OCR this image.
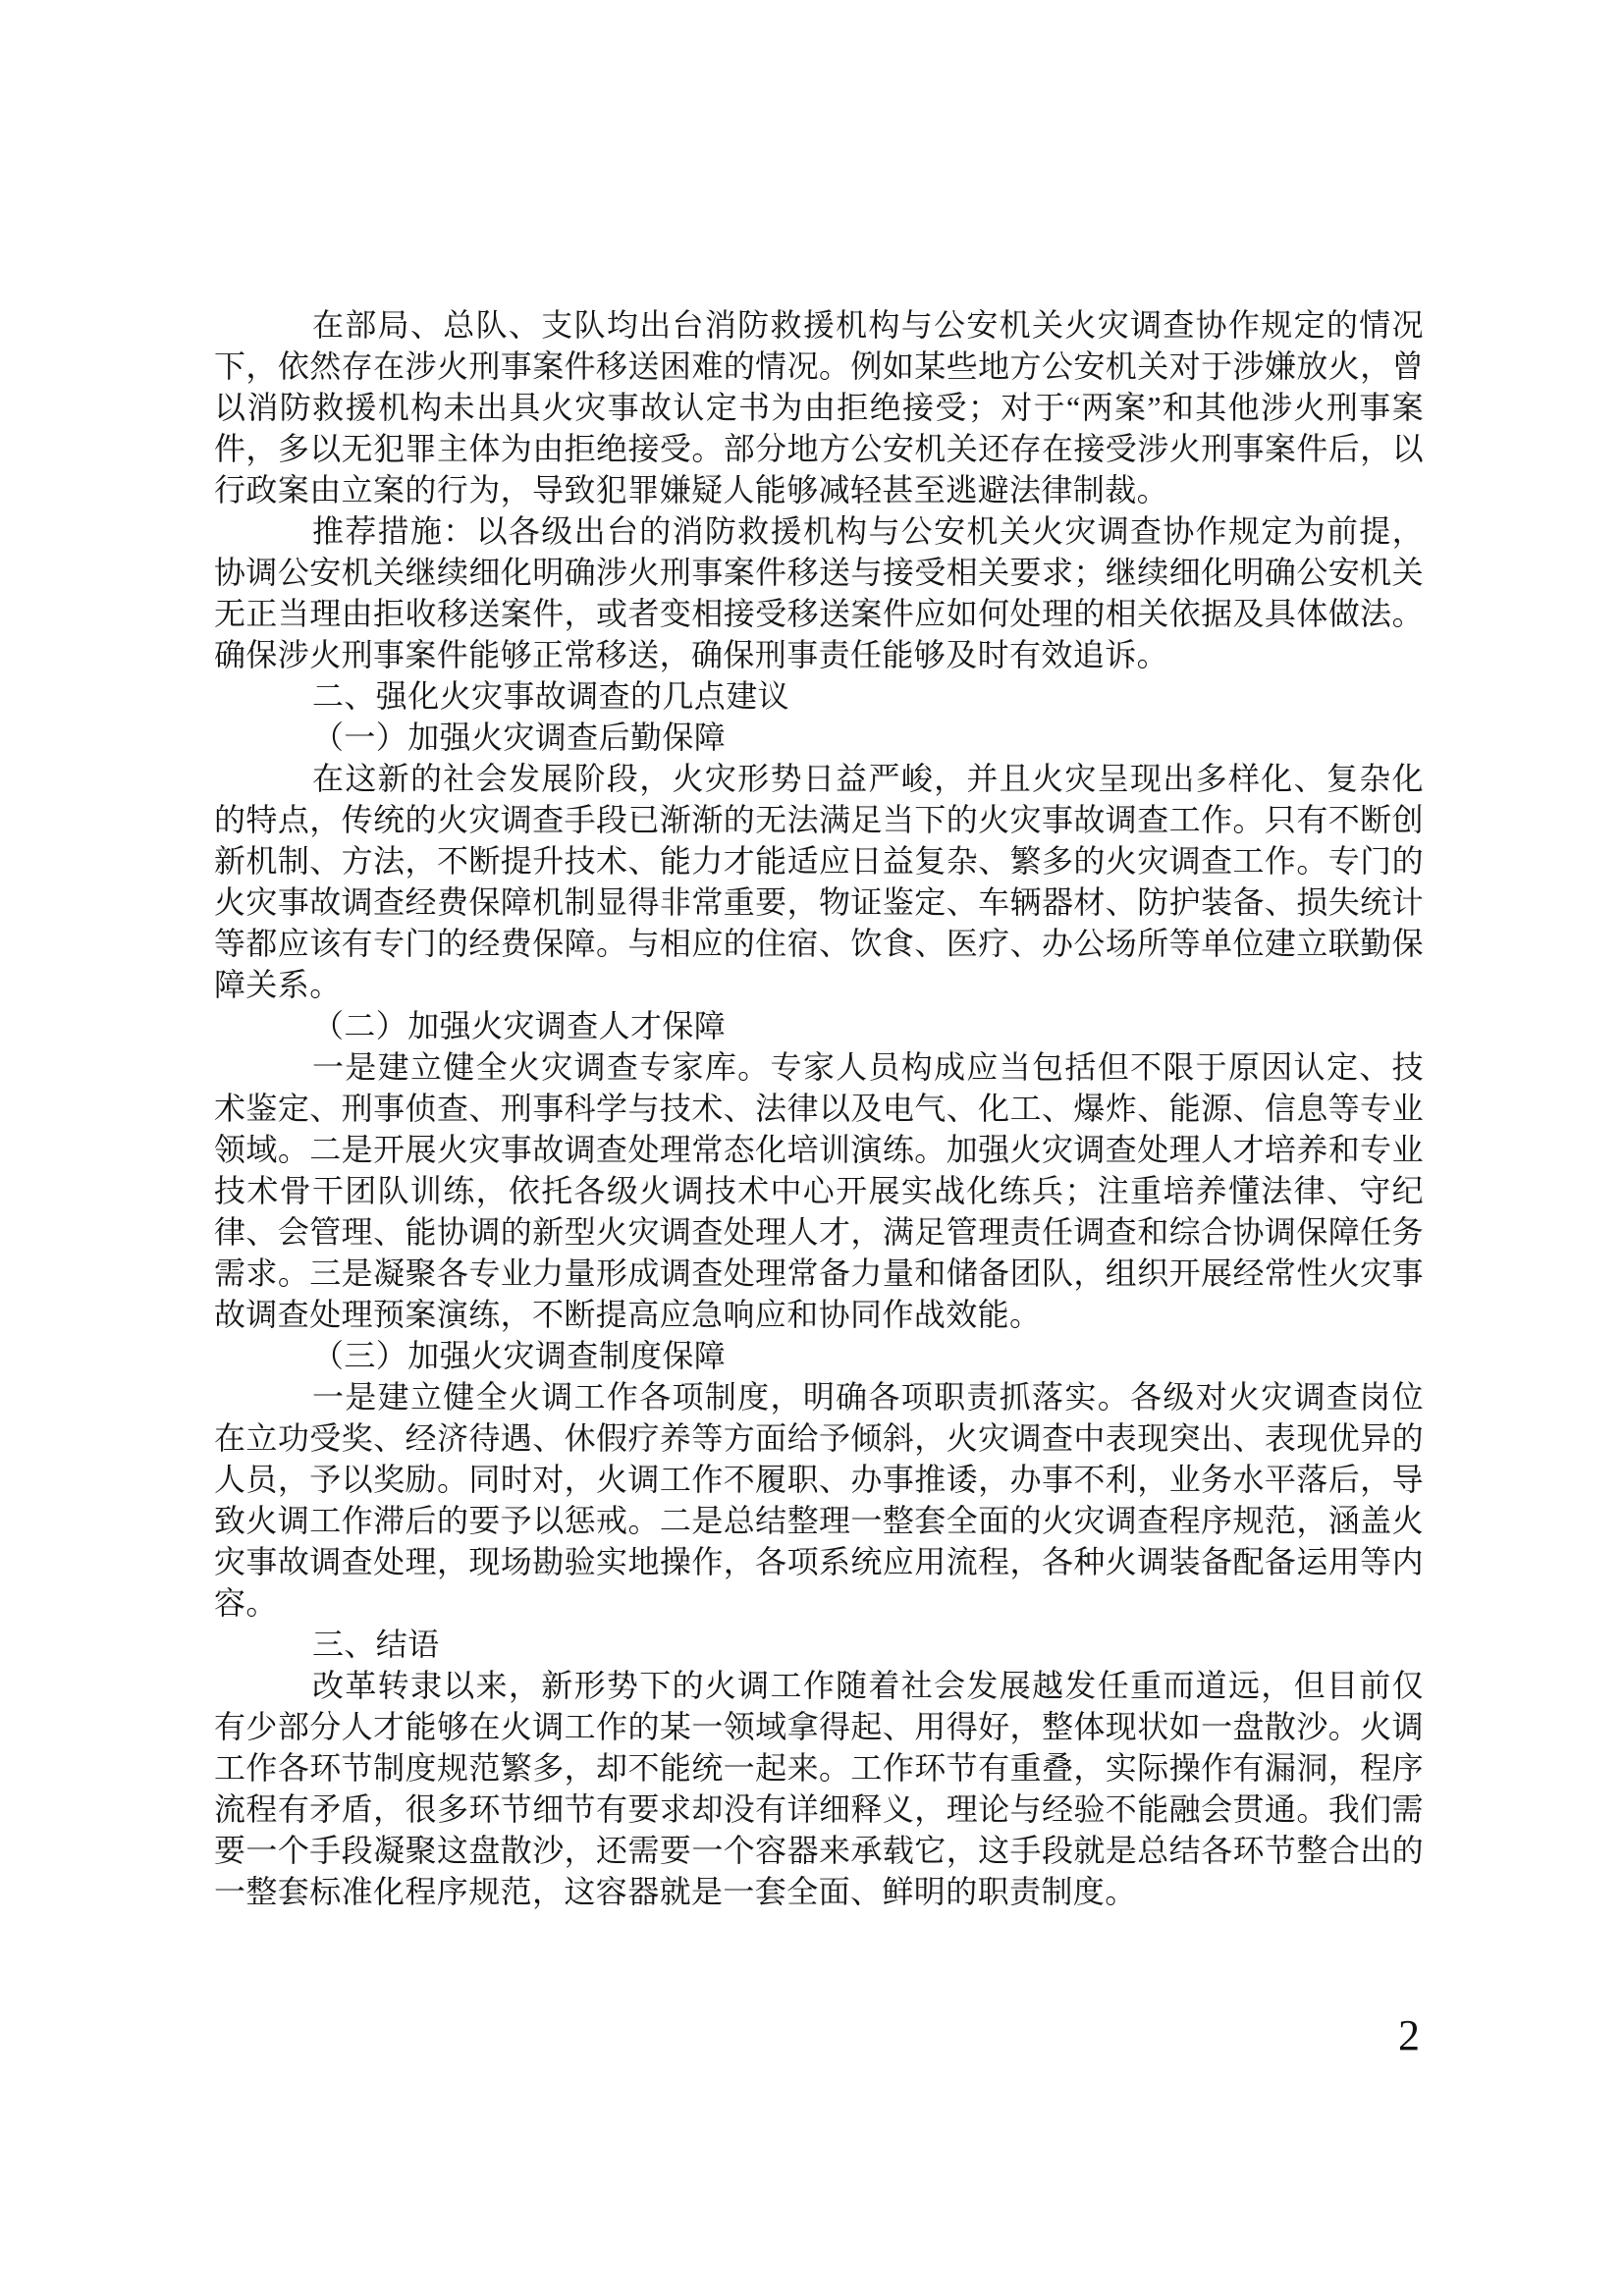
在部局、总队、支队均出台消防救援机构与公安机关火灾调查协作规定的情况下，依然存在涉火刑事案件移送困难的情况。例如某些地方公安机关对于涉嫌放火，曾以消防救援机构未出具火灾事故认定书为由拒绝接受；对于“两案”和其他涉火刑事案件，多以无犯罪主体为由拒绝接受。部分地方公安机关还存在接受涉火刑事案件后，以行政案由立案的行为，导致犯罪嫌疑人能够减轻甚至逃避法律制裁。

推荐措施：以各级出台的消防救援机构与公安机关火灾调查协作规定为前提，协调公安机关继续细化明确涉火刑事案件移送与接受相关要求；继续细化明确公安机关无正当理由拒收移送案件，或者变相接受移送案件应如何处理的相关依据及具体做法。确保涉火刑事案件能够正常移送，确保刑事责任能够及时有效追诉。

二、强化火灾事故调查的几点建议

（一）加强火灾调查后勤保障

在这新的社会发展阶段，火灾形势日益严峻，并且火灾呈现出多样化、复杂化的特点，传统的火灾调查手段已渐渐的无法满足当下的火灾事故调查工作。只有不断创新机制、方法，不断提升技术、能力才能适应日益复杂、繁多的火灾调查工作。专门的火灾事故调查经费保障机制显得非常重要，物证鉴定、车辆器材、防护装备、损失统计等都应该有专门的经费保障。与相应的住宿、饮食、医疗、办公场所等单位建立联勤保障关系。

（二）加强火灾调查人才保障

一是建立健全火灾调查专家库。专家人员构成应当包括但不限于原因认定、技术鉴定、刑事侦查、刑事科学与技术、法律以及电气、化工、爆炸、能源、信息等专业领域。二是开展火灾事故调查处理常态化培训演练。加强火灾调查处理人才培养和专业技术骨干团队训练，依托各级火调技术中心开展实战化练兵；注重培养懂法律、守纪律、会管理、能协调的新型火灾调查处理人才，满足管理责任调查和综合协调保障任务需求。三是凝聚各专业力量形成调查处理常备力量和储备团队，组织开展经常性火灾事故调查处理预案演练，不断提高应急响应和协同作战效能。

（三）加强火灾调查制度保障

一是建立健全火调工作各项制度，明确各项职责抓落实。各级对火灾调查岗位在立功受奖、经济待遇、休假疗养等方面给予倾斜，火灾调查中表现突出、表现优异的人员，予以奖励。同时对，火调工作不履职、办事推诿，办事不利，业务水平落后，导致火调工作滞后的要予以惩戒。二是总结整理一整套全面的火灾调查程序规范，涵盖火灾事故调查处理，现场勘验实地操作，各项系统应用流程，各种火调装备配备运用等内容。

三、结语

改革转隶以来，新形势下的火调工作随着社会发展越发任重而道远，但目前仅有少部分人才能够在火调工作的某一领域拿得起、用得好，整体现状如一盘散沙。火调工作各环节制度规范繁多，却不能统一起来。工作环节有重叠，实际操作有漏洞，程序流程有矛盾，很多环节细节有要求却没有详细释义，理论与经验不能融会贯通。我们需要一个手段凝聚这盘散沙，还需要一个容器来承载它，这手段就是总结各环节整合出的一整套标准化程序规范，这容器就是一套全面、鲜明的职责制度。

2
